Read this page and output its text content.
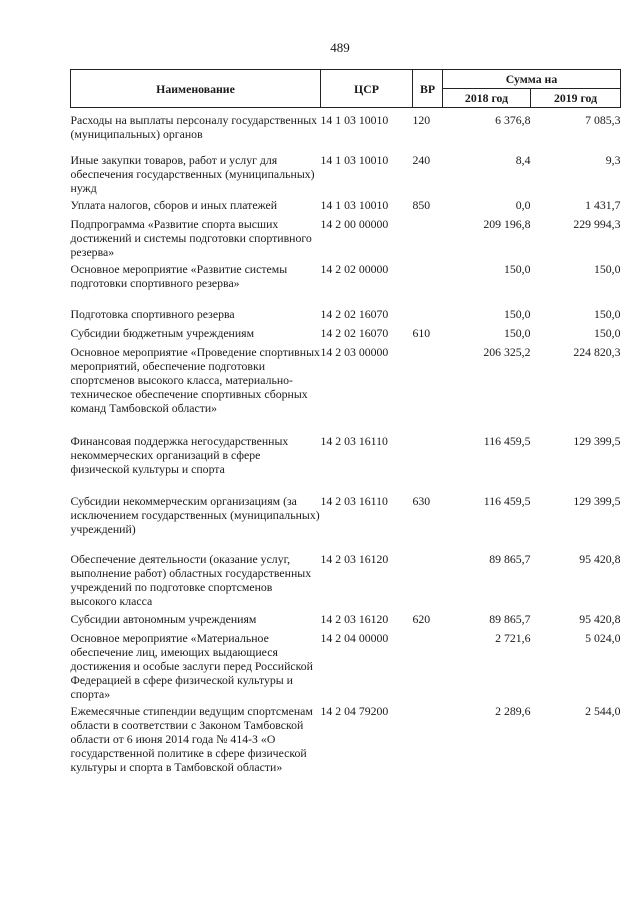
489
Наименование	ЦСР	ВР	Сумма на	
			2018 год	2019 год
Расходы на выплаты персоналу государственных (муниципальных) органов	14 1 03 10010	120	6 376,8	7 085,3
Иные закупки товаров, работ и услуг для обеспечения государственных (муниципальных) нужд	14 1 03 10010	240	8,4	9,3
Уплата налогов, сборов и иных платежей	14 1 03 10010	850	0,0	1 431,7
Подпрограмма «Развитие спорта высших достижений и системы подготовки спортивного резерва»	14 2 00 00000		209 196,8	229 994,3
Основное мероприятие «Развитие системы подготовки спортивного резерва»	14 2 02 00000		150,0	150,0
Подготовка спортивного резерва	14 2 02 16070		150,0	150,0
Субсидии бюджетным учреждениям	14 2 02 16070	610	150,0	150,0
Основное мероприятие «Проведение спортивных мероприятий, обеспечение подготовки спортсменов высокого класса, материально-техническое обеспечение спортивных сборных команд Тамбовской области»	14 2 03 00000		206 325,2	224 820,3
Финансовая поддержка негосударственных некоммерческих организаций в сфере физической культуры и спорта	14 2 03 16110		116 459,5	129 399,5
Субсидии некоммерческим организациям (за исключением государственных (муниципальных) учреждений)	14 2 03 16110	630	116 459,5	129 399,5
Обеспечение деятельности (оказание услуг, выполнение работ) областных государственных учреждений по подготовке спортсменов высокого класса	14 2 03 16120		89 865,7	95 420,8
Субсидии автономным учреждениям	14 2 03 16120	620	89 865,7	95 420,8
Основное мероприятие «Материальное обеспечение лиц, имеющих выдающиеся достижения и особые заслуги перед Российской Федерацией в сфере физической культуры и спорта»	14 2 04 00000		2 721,6	5 024,0
Ежемесячные стипендии ведущим спортсменам области в соответствии с Законом Тамбовской области от 6 июня 2014 года № 414-З «О государственной политике в сфере физической культуры и спорта в Тамбовской области»	14 2 04 79200		2 289,6	2 544,0
